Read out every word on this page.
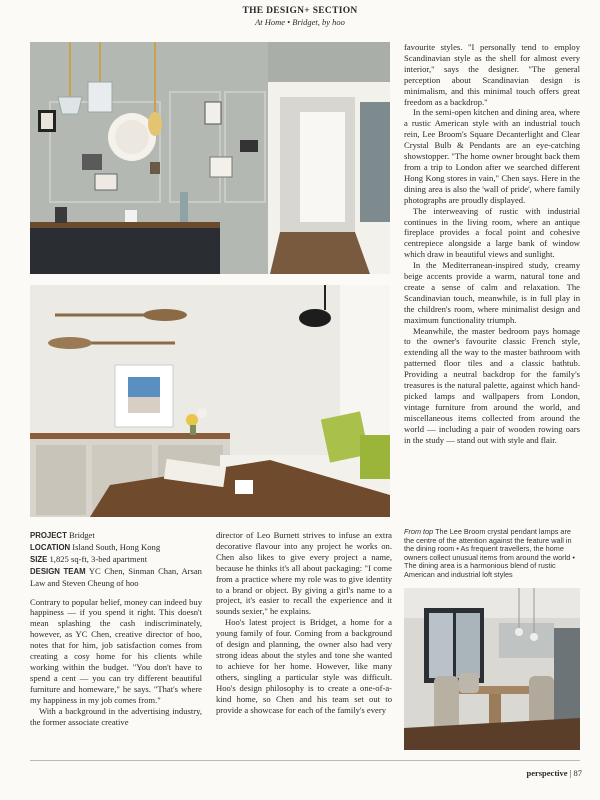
THE DESIGN+ SECTION
At Home • Bridget, by hoo

favourite styles. "I personally tend to employ Scandinavian style as the shell for almost every interior," says the designer. "The general perception about Scandinavian design is minimalism, and this minimal touch offers great freedom as a backdrop."

In the semi-open kitchen and dining area, where a rustic American style with an industrial touch rein, Lee Broom's Square Decanterlight and Clear Crystal Bulb & Pendants are an eye-catching showstopper. "The home owner brought back them from a trip to London after we searched different Hong Kong stores in vain," Chen says. Here in the dining area is also the 'wall of pride', where family photographs are proudly displayed.

The interweaving of rustic with industrial continues in the living room, where an antique fireplace provides a focal point and cohesive centrepiece alongside a large bank of window which draw in beautiful views and sunlight.

In the Mediterranean-inspired study, creamy beige accents provide a warm, natural tone and create a sense of calm and relaxation. The Scandinavian touch, meanwhile, is in full play in the children's room, where minimalist design and maximum functionality triumph.

Meanwhile, the master bedroom pays homage to the owner's favourite classic French style, extending all the way to the master bathroom with patterned floor tiles and a classic bathtub. Providing a neutral backdrop for the family's treasures is the natural palette, against which hand-picked lamps and wallpapers from London, vintage furniture from around the world, and miscellaneous items collected from around the world — including a pair of wooden rowing oars in the study — stand out with style and flair.

PROJECT Bridget
LOCATION Island South, Hong Kong
SIZE 1,825 sq-ft, 3-bed apartment
DESIGN TEAM YC Chen, Sinman Chan, Arsan Law and Steven Cheung of hoo

Contrary to popular belief, money can indeed buy happiness — if you spend it right. This doesn't mean splashing the cash indiscriminately, however, as YC Chen, creative director of hoo, notes that for him, job satisfaction comes from creating a cosy home for his clients while working within the budget. "You don't have to spend a cent — you can try different beautiful furniture and homeware," he says. "That's where my happiness in my job comes from."

With a background in the advertising industry, the former associate creative

director of Leo Burnett strives to infuse an extra decorative flavour into any project he works on. Chen also likes to give every project a name, because he thinks it's all about packaging: "I come from a practice where my role was to give identity to a brand or object. By giving a girl's name to a project, it's easier to recall the experience and it sounds sexier," he explains.

Hoo's latest project is Bridget, a home for a young family of four. Coming from a background of design and planning, the owner also had very strong ideas about the styles and tone she wanted to achieve for her home. However, like many others, singling a particular style was difficult. Hoo's design philosophy is to create a one-of-a-kind home, so Chen and his team set out to provide a showcase for each of the family's every

From top The Lee Broom crystal pendant lamps are the centre of the attention against the feature wall in the dining room • As frequent travellers, the home owners collect unusual items from around the world • The dining area is a harmonious blend of rustic American and industrial loft styles
perspective | 87
